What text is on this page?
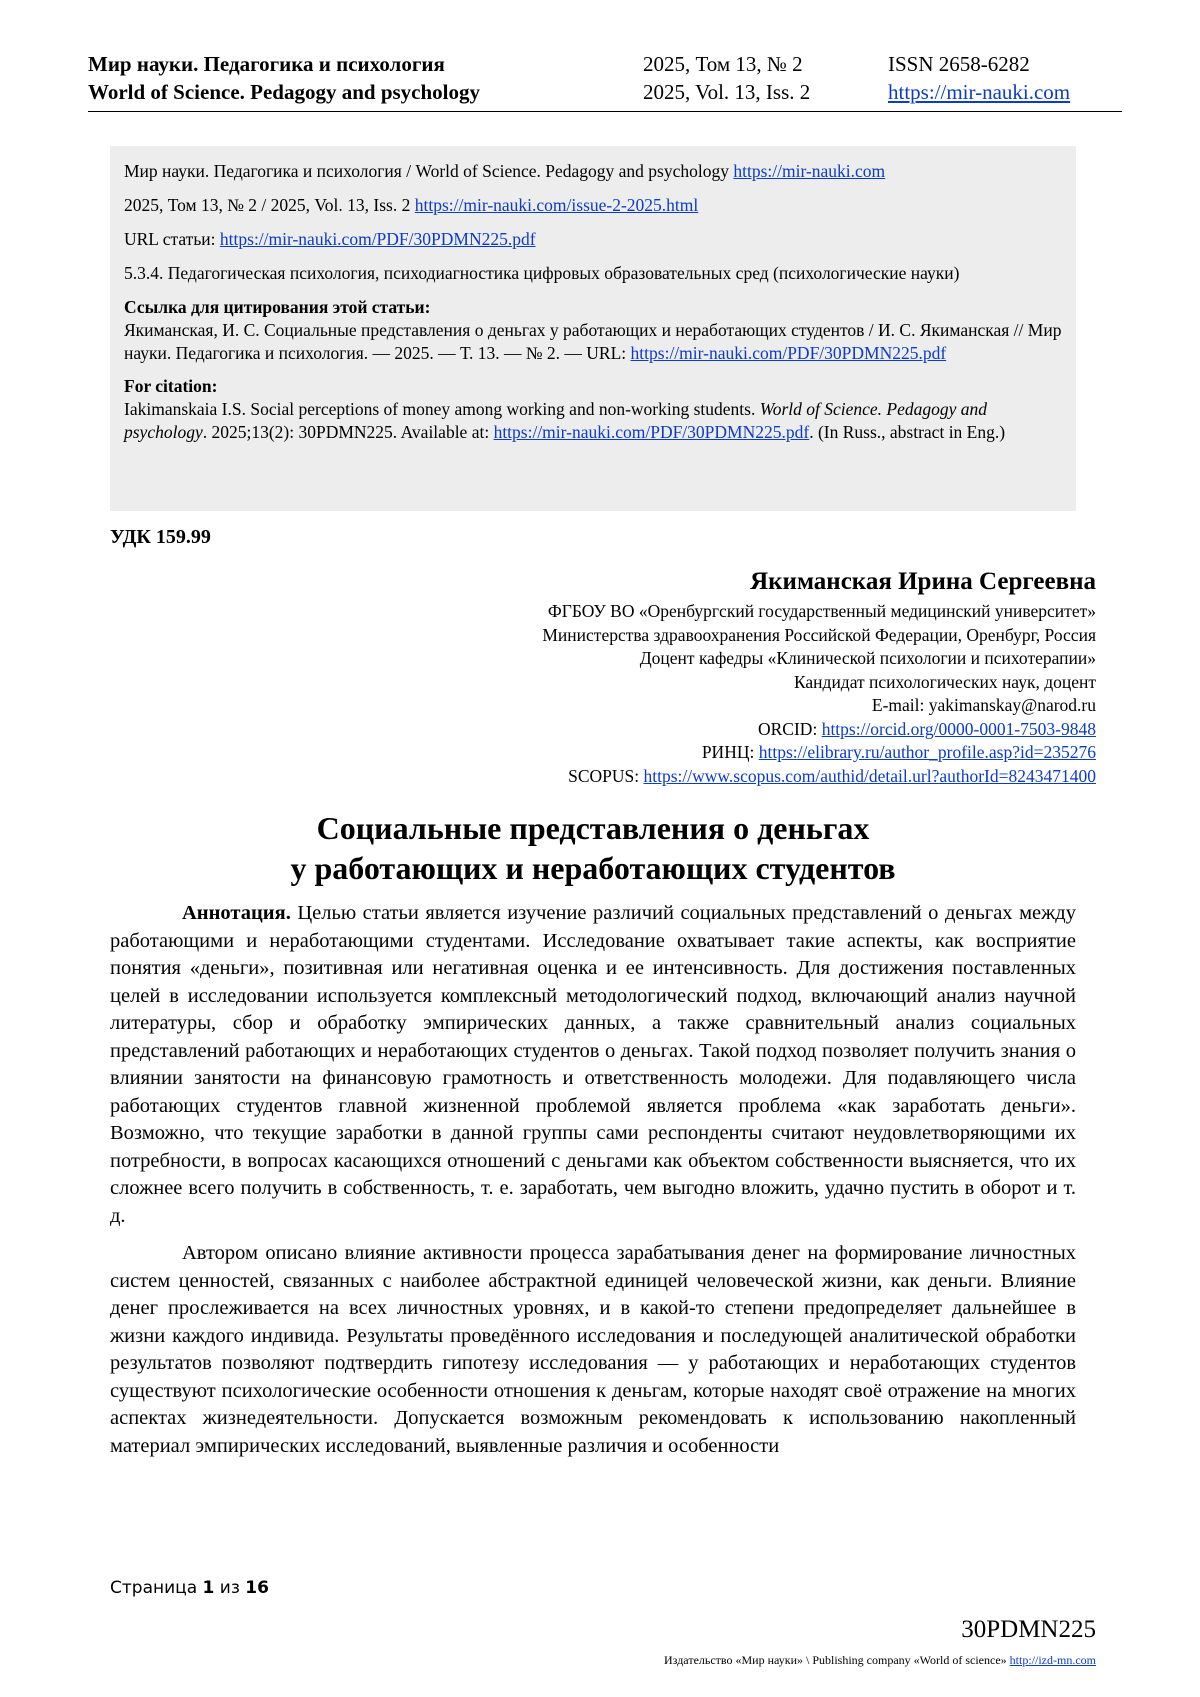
Мир науки. Педагогика и психология	2025, Том 13, № 2	ISSN 2658-6282
World of Science. Pedagogy and psychology	2025, Vol. 13, Iss. 2	https://mir-nauki.com

Мир науки. Педагогика и психология / World of Science. Pedagogy and psychology https://mir-nauki.com

2025, Том 13, № 2 / 2025, Vol. 13, Iss. 2 https://mir-nauki.com/issue-2-2025.html

URL статьи: https://mir-nauki.com/PDF/30PDMN225.pdf

5.3.4. Педагогическая психология, психодиагностика цифровых образовательных сред (психологические науки)

Ссылка для цитирования этой статьи:
Якиманская, И. С. Социальные представления о деньгах у работающих и неработающих студентов / И. С. Якиманская // Мир науки. Педагогика и психология. — 2025. — Т. 13. — № 2. — URL: https://mir-nauki.com/PDF/30PDMN225.pdf

For citation:
Iakimanskaia I.S. Social perceptions of money among working and non-working students. World of Science. Pedagogy and psychology. 2025;13(2): 30PDMN225. Available at: https://mir-nauki.com/PDF/30PDMN225.pdf. (In Russ., abstract in Eng.)

УДК 159.99
Якиманская Ирина Сергеевна
ФГБОУ ВО «Оренбургский государственный медицинский университет»
Министерства здравоохранения Российской Федерации, Оренбург, Россия
Доцент кафедры «Клинической психологии и психотерапии»
Кандидат психологических наук, доцент
E-mail: yakimanskay@narod.ru
ORCID: https://orcid.org/0000-0001-7503-9848
РИНЦ: https://elibrary.ru/author_profile.asp?id=235276
SCOPUS: https://www.scopus.com/authid/detail.url?authorId=8243471400
Социальные представления о деньгах
у работающих и неработающих студентов

Аннотация. Целью статьи является изучение различий социальных представлений о деньгах между работающими и неработающими студентами. Исследование охватывает такие аспекты, как восприятие понятия «деньги», позитивная или негативная оценка и ее интенсивность. Для достижения поставленных целей в исследовании используется комплексный методологический подход, включающий анализ научной литературы, сбор и обработку эмпирических данных, а также сравнительный анализ социальных представлений работающих и неработающих студентов о деньгах. Такой подход позволяет получить знания о влиянии занятости на финансовую грамотность и ответственность молодежи. Для подавляющего числа работающих студентов главной жизненной проблемой является проблема «как заработать деньги». Возможно, что текущие заработки в данной группы сами респонденты считают неудовлетворяющими их потребности, в вопросах касающихся отношений с деньгами как объектом собственности выясняется, что их сложнее всего получить в собственность, т. е. заработать, чем выгодно вложить, удачно пустить в оборот и т. д.

Автором описано влияние активности процесса зарабатывания денег на формирование личностных систем ценностей, связанных с наиболее абстрактной единицей человеческой жизни, как деньги. Влияние денег прослеживается на всех личностных уровнях, и в какой-то степени предопределяет дальнейшее в жизни каждого индивида. Результаты проведённого исследования и последующей аналитической обработки результатов позволяют подтвердить гипотезу исследования — у работающих и неработающих студентов существуют психологические особенности отношения к деньгам, которые находят своё отражение на многих аспектах жизнедеятельности. Допускается возможным рекомендовать к использованию накопленный материал эмпирических исследований, выявленные различия и особенности

Страница 1 из 16
30PDMN225
Издательство «Мир науки» \ Publishing company «World of science» http://izd-mn.com
